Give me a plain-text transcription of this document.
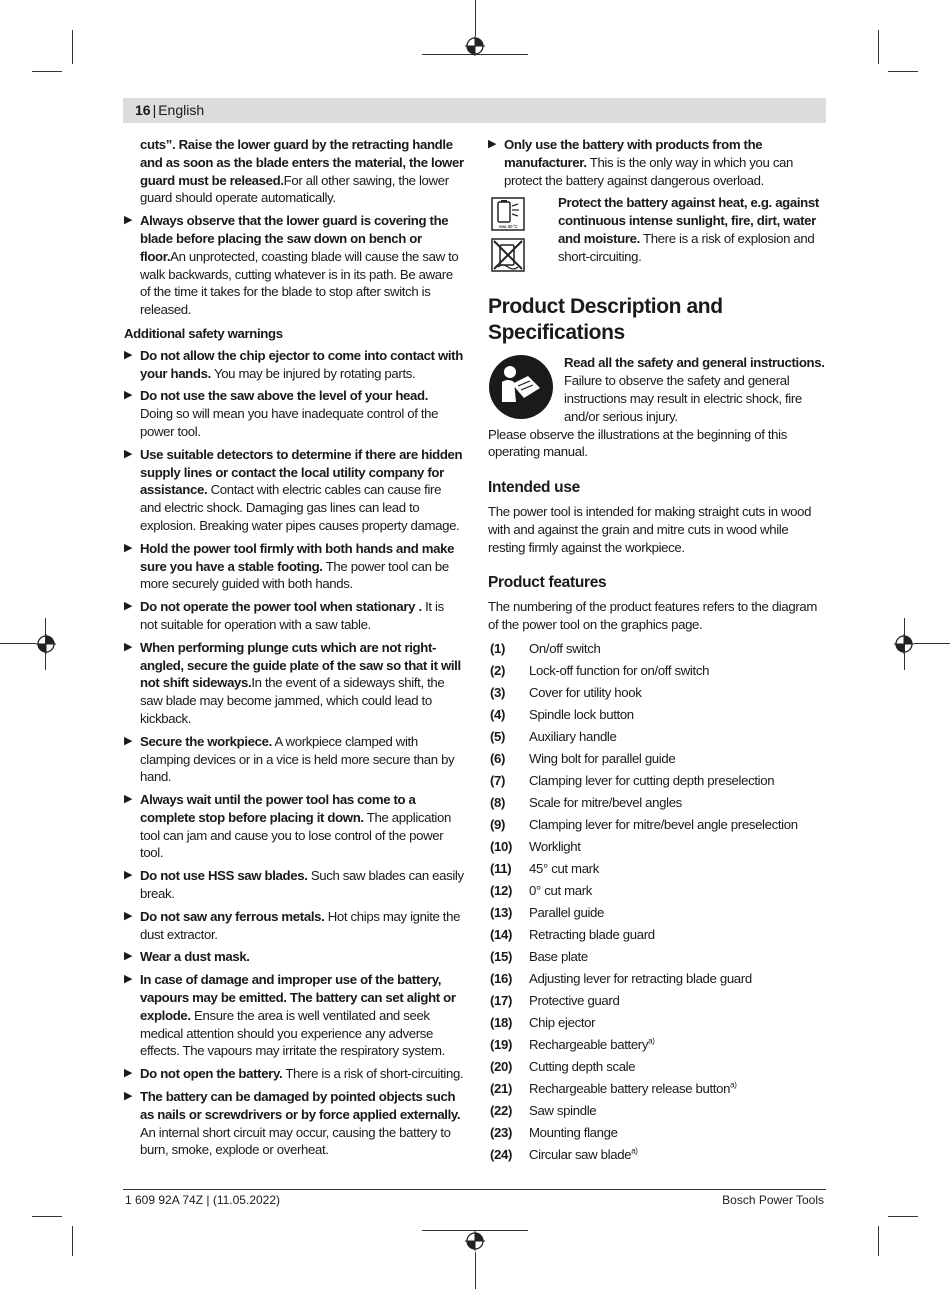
16 | English
cuts”. Raise the lower guard by the retracting handle and as soon as the blade enters the material, the lower guard must be released.For all other sawing, the lower guard should operate automatically.
▶ Always observe that the lower guard is covering the blade before placing the saw down on bench or floor.An unprotected, coasting blade will cause the saw to walk backwards, cutting whatever is in its path. Be aware of the time it takes for the blade to stop after switch is released.
Additional safety warnings
▶ Do not allow the chip ejector to come into contact with your hands. You may be injured by rotating parts.
▶ Do not use the saw above the level of your head. Doing so will mean you have inadequate control of the power tool.
▶ Use suitable detectors to determine if there are hidden supply lines or contact the local utility company for assistance. Contact with electric cables can cause fire and electric shock. Damaging gas lines can lead to explosion. Breaking water pipes causes property damage.
▶ Hold the power tool firmly with both hands and make sure you have a stable footing. The power tool can be more securely guided with both hands.
▶ Do not operate the power tool when stationary . It is not suitable for operation with a saw table.
▶ When performing plunge cuts which are not right-angled, secure the guide plate of the saw so that it will not shift sideways.In the event of a sideways shift, the saw blade may become jammed, which could lead to kickback.
▶ Secure the workpiece. A workpiece clamped with clamping devices or in a vice is held more secure than by hand.
▶ Always wait until the power tool has come to a complete stop before placing it down. The application tool can jam and cause you to lose control of the power tool.
▶ Do not use HSS saw blades. Such saw blades can easily break.
▶ Do not saw any ferrous metals. Hot chips may ignite the dust extractor.
▶ Wear a dust mask.
▶ In case of damage and improper use of the battery, vapours may be emitted. The battery can set alight or explode. Ensure the area is well ventilated and seek medical attention should you experience any adverse effects. The vapours may irritate the respiratory system.
▶ Do not open the battery. There is a risk of short-circuiting.
▶ The battery can be damaged by pointed objects such as nails or screwdrivers or by force applied externally. An internal short circuit may occur, causing the battery to burn, smoke, explode or overheat.
▶ Only use the battery with products from the manufacturer. This is the only way in which you can protect the battery against dangerous overload.
max. 60 °C

Protect the battery against heat, e.g. against continuous intense sunlight, fire, dirt, water and moisture. There is a risk of explosion and short-circuiting.
Product Description and Specifications
Read all the safety and general instructions. Failure to observe the safety and general instructions may result in electric shock, fire and/or serious injury.
Please observe the illustrations at the beginning of this operating manual.
Intended use
The power tool is intended for making straight cuts in wood with and against the grain and mitre cuts in wood while resting firmly against the workpiece.
Product features
The numbering of the product features refers to the diagram of the power tool on the graphics page.
(1) On/off switch
(2) Lock-off function for on/off switch
(3) Cover for utility hook
(4) Spindle lock button
(5) Auxiliary handle
(6) Wing bolt for parallel guide
(7) Clamping lever for cutting depth preselection
(8) Scale for mitre/bevel angles
(9) Clamping lever for mitre/bevel angle preselection
(10) Worklight
(11) 45° cut mark
(12) 0° cut mark
(13) Parallel guide
(14) Retracting blade guard
(15) Base plate
(16) Adjusting lever for retracting blade guard
(17) Protective guard
(18) Chip ejector
(19) Rechargeable battery$^{a)}$
(20) Cutting depth scale
(21) Rechargeable battery release button$^{a)}$
(22) Saw spindle
(23) Mounting flange
(24) Circular saw blade$^{a)}$
1 609 92A 74Z | (11.05.2022)	Bosch Power Tools
